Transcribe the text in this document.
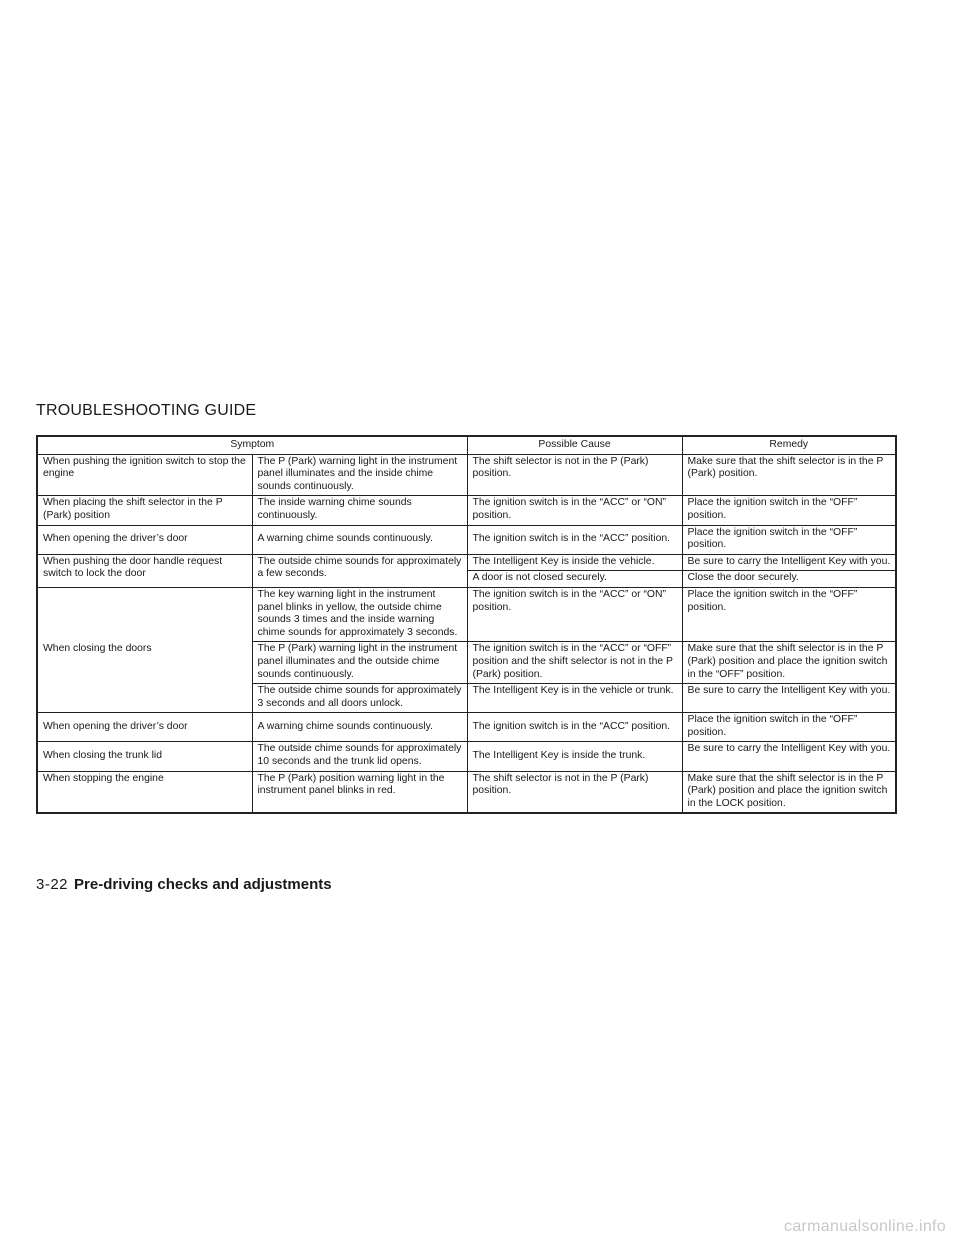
TROUBLESHOOTING GUIDE
Symptom		Possible Cause	Remedy
When pushing the ignition switch to stop the engine	The P (Park) warning light in the instrument panel illuminates and the inside chime sounds continuously.	The shift selector is not in the P (Park) position.	Make sure that the shift selector is in the P (Park) position.
When placing the shift selector in the P (Park) position	The inside warning chime sounds continuously.	The ignition switch is in the “ACC” or “ON” position.	Place the ignition switch in the “OFF” position.
When opening the driver’s door	A warning chime sounds continuously.	The ignition switch is in the “ACC” position.	Place the ignition switch in the “OFF” position.
When pushing the door handle request switch to lock the door	The outside chime sounds for approximately a few seconds.	The Intelligent Key is inside the vehicle.	Be sure to carry the Intelligent Key with you.
		A door is not closed securely.	Close the door securely.
When closing the doors	The key warning light in the instrument panel blinks in yellow, the outside chime sounds 3 times and the inside warning chime sounds for approximately 3 seconds.	The ignition switch is in the “ACC” or “ON” position.	Place the ignition switch in the “OFF” position.
	The P (Park) warning light in the instrument panel illuminates and the outside chime sounds continuously.	The ignition switch is in the “ACC” or “OFF” position and the shift selector is not in the P (Park) position.	Make sure that the shift selector is in the P (Park) position and place the ignition switch in the “OFF” position.
	The outside chime sounds for approximately 3 seconds and all doors unlock.	The Intelligent Key is in the vehicle or trunk.	Be sure to carry the Intelligent Key with you.
When opening the driver’s door	A warning chime sounds continuously.	The ignition switch is in the “ACC” position.	Place the ignition switch in the “OFF” position.
When closing the trunk lid	The outside chime sounds for approximately 10 seconds and the trunk lid opens.	The Intelligent Key is inside the trunk.	Be sure to carry the Intelligent Key with you.
When stopping the engine	The P (Park) position warning light in the instrument panel blinks in red.	The shift selector is not in the P (Park) position.	Make sure that the shift selector is in the P (Park) position and place the ignition switch in the LOCK position.
3-22 Pre-driving checks and adjustments
carmanualsonline.info
